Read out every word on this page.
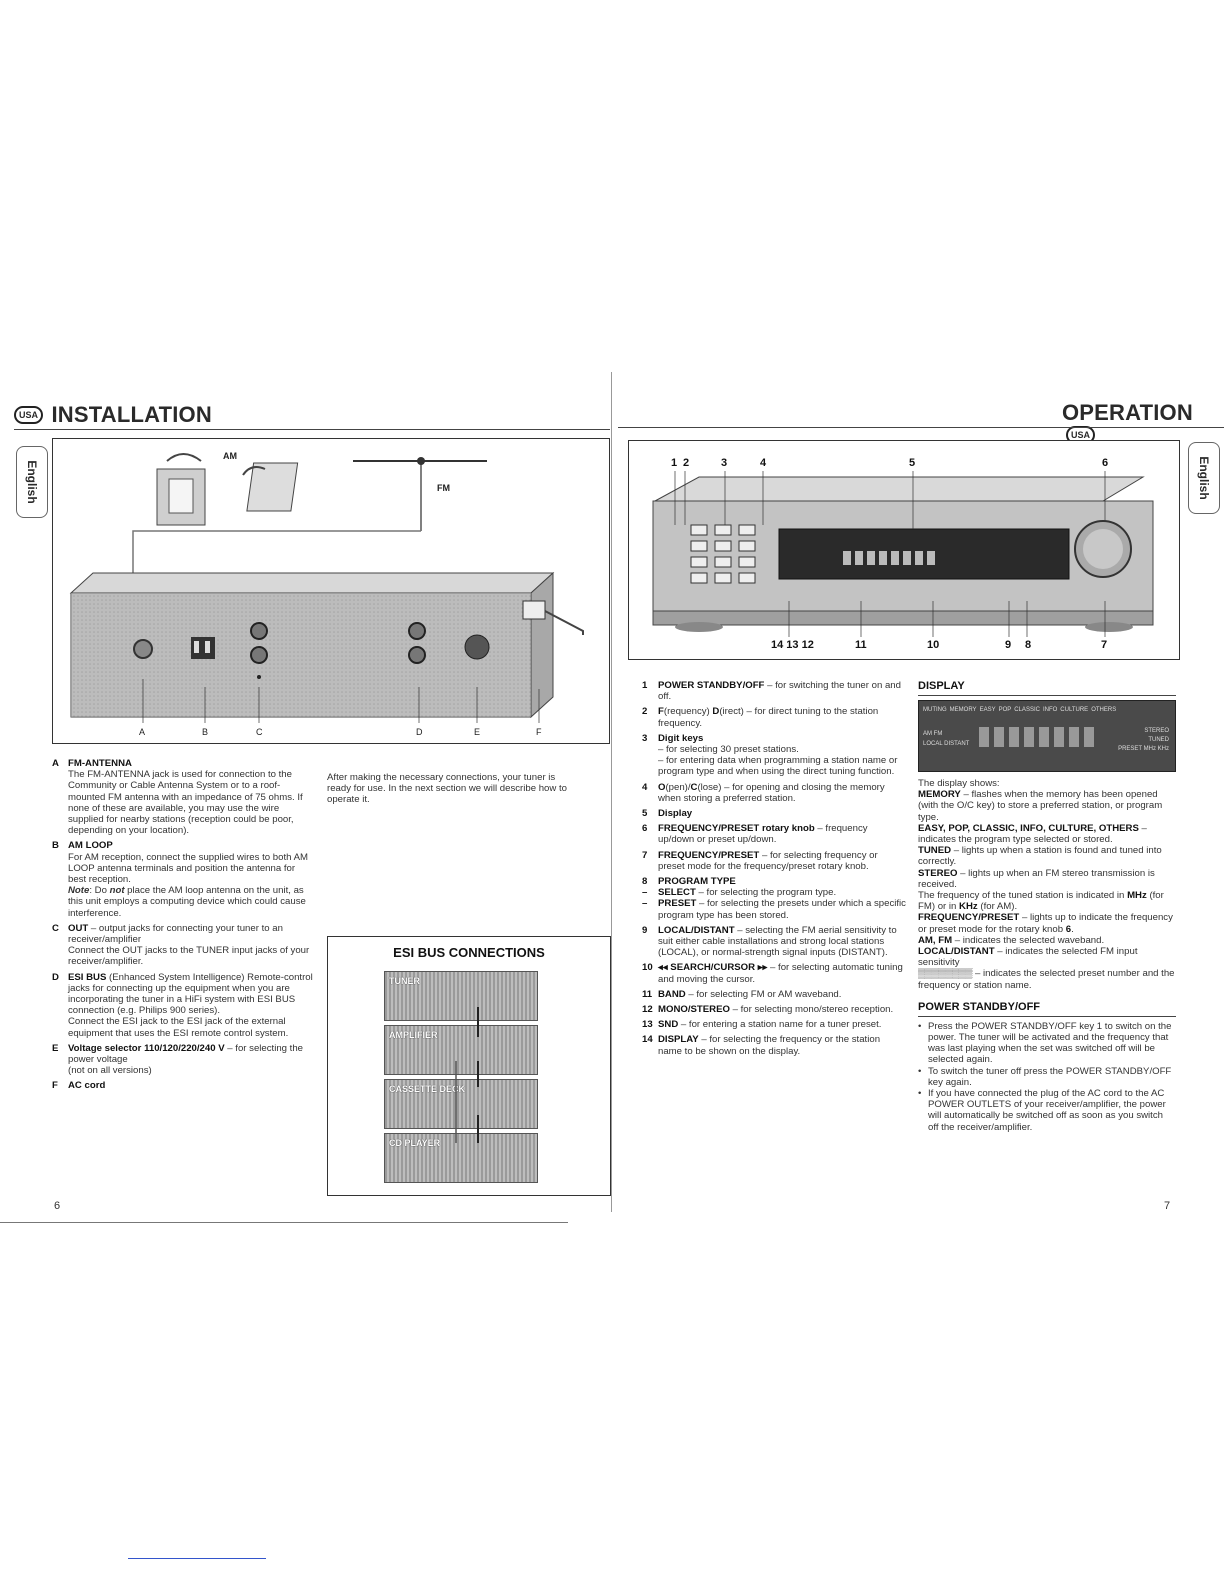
USA INSTALLATION
English
AM
FM
A	B	C	D	E	F
A FM-ANTENNA
The FM-ANTENNA jack is used for connection to the Community or Cable Antenna System or to a roof-mounted FM antenna with an impedance of 75 ohms. If none of these are available, you may use the wire supplied for nearby stations (reception could be poor, depending on your location).
B AM LOOP
For AM reception, connect the supplied wires to both AM LOOP antenna terminals and position the antenna for best reception.
Note: Do not place the AM loop antenna on the unit, as this unit employs a computing device which could cause interference.
C OUT – output jacks for connecting your tuner to an receiver/amplifier
Connect the OUT jacks to the TUNER input jacks of your receiver/amplifier.
D ESI BUS (Enhanced System Intelligence) Remote-control jacks for connecting up the equipment when you are incorporating the tuner in a HiFi system with ESI BUS connection (e.g. Philips 900 series).
Connect the ESI jack to the ESI jack of the external equipment that uses the ESI remote control system.
E Voltage selector 110/120/220/240 V – for selecting the power voltage
(not on all versions)
F	AC cord
After making the necessary connections, your tuner is ready for use. In the next section we will describe how to operate it.
ESI BUS CONNECTIONS
TUNER
AMPLIFIER
CASSETTE DECK
CD PLAYER
6
OPERATION USA
English
1 2	3	4	5	6
14 13 12	11	10	9 8	7
1	POWER STANDBY/OFF – for switching the tuner on and off.
2	F(requency) D(irect) – for direct tuning to the station frequency.
3	Digit keys
– for selecting 30 preset stations.
– for entering data when programming a station name or program type and when using the direct tuning function.
4	O(pen)/C(lose) – for opening and closing the memory when storing a preferred station.
5	Display
6	FREQUENCY/PRESET rotary knob – frequency up/down or preset up/down.
7	FREQUENCY/PRESET – for selecting frequency or preset mode for the frequency/preset rotary knob.
8	PROGRAM TYPE
–	SELECT – for selecting the program type.
–	PRESET – for selecting the presets under which a specific program type has been stored.
9	LOCAL/DISTANT – selecting the FM aerial sensitivity to suit either cable installations and strong local stations (LOCAL), or normal-strength signal inputs (DISTANT).
10 ◂◂ SEARCH/CURSOR ▸▸ – for selecting automatic tuning and moving the cursor.
11 BAND – for selecting FM or AM waveband.
12 MONO/STEREO – for selecting mono/stereo reception.
13 SND – for entering a station name for a tuner preset.
14 DISPLAY – for selecting the frequency or the station name to be shown on the display.
DISPLAY
MUTING MEMORY EASY POP CLASSIC INFO CULTURE OTHERS
AM FM
LOCAL DISTANT
STEREO
TUNED
PRESET MHz KHz
The display shows:
MEMORY – flashes when the memory has been opened (with the O/C key) to store a preferred station, or program type.
EASY, POP, CLASSIC, INFO, CULTURE, OTHERS – indicates the program type selected or stored.
TUNED – lights up when a station is found and tuned into correctly.
STEREO – lights up when an FM stereo transmission is received.
The frequency of the tuned station is indicated in MHz (for FM) or in KHz (for AM).
FREQUENCY/PRESET – lights up to indicate the frequency or preset mode for the rotary knob 6.
AM, FM – indicates the selected waveband.
LOCAL/DISTANT – indicates the selected FM input sensitivity
▒▒▒▒▒▒▒▒ – indicates the selected preset number and the frequency or station name.
POWER STANDBY/OFF
• Press the POWER STANDBY/OFF key 1 to switch on the power. The tuner will be activated and the frequency that was last playing when the set was switched off will be selected again.
• To switch the tuner off press the POWER STANDBY/OFF key again.
• If you have connected the plug of the AC cord to the AC POWER OUTLETS of your receiver/amplifier, the power will automatically be switched off as soon as you switch off the receiver/amplifier.
7
